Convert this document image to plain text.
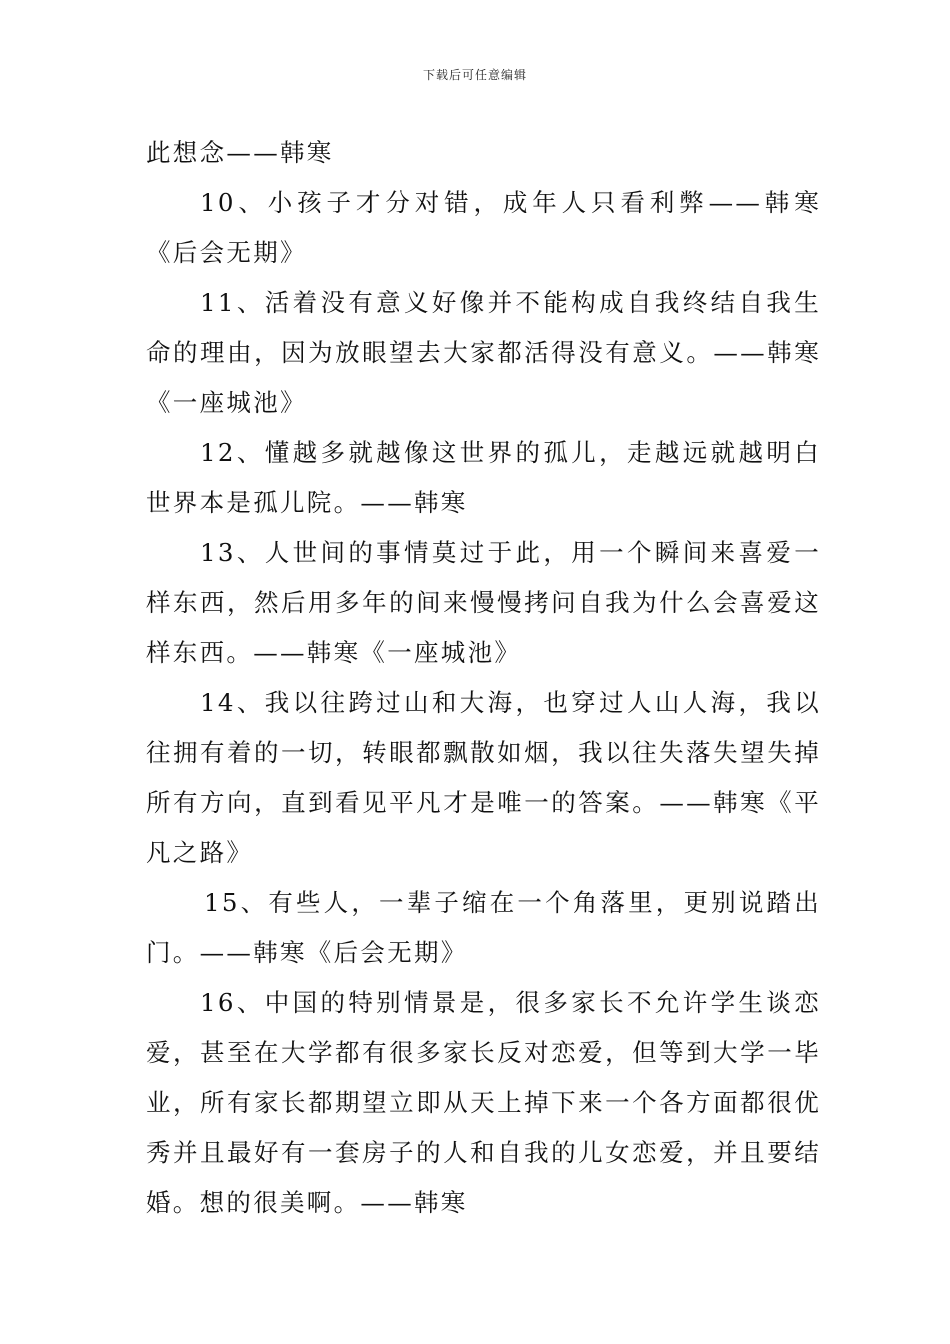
下载后可任意编辑

此想念——韩寒

10、小孩子才分对错，成年人只看利弊——韩寒《后会无期》

11、活着没有意义好像并不能构成自我终结自我生命的理由，因为放眼望去大家都活得没有意义。——韩寒《一座城池》

12、懂越多就越像这世界的孤儿，走越远就越明白世界本是孤儿院。——韩寒

13、人世间的事情莫过于此，用一个瞬间来喜爱一样东西，然后用多年的间来慢慢拷问自我为什么会喜爱这样东西。——韩寒《一座城池》

14、我以往跨过山和大海，也穿过人山人海，我以往拥有着的一切，转眼都飘散如烟，我以往失落失望失掉所有方向，直到看见平凡才是唯一的答案。——韩寒《平凡之路》

15、有些人，一辈子缩在一个角落里，更别说踏出门。——韩寒《后会无期》

16、中国的特别情景是，很多家长不允许学生谈恋爱，甚至在大学都有很多家长反对恋爱，但等到大学一毕业，所有家长都期望立即从天上掉下来一个各方面都很优秀并且最好有一套房子的人和自我的儿女恋爱，并且要结婚。想的很美啊。——韩寒
